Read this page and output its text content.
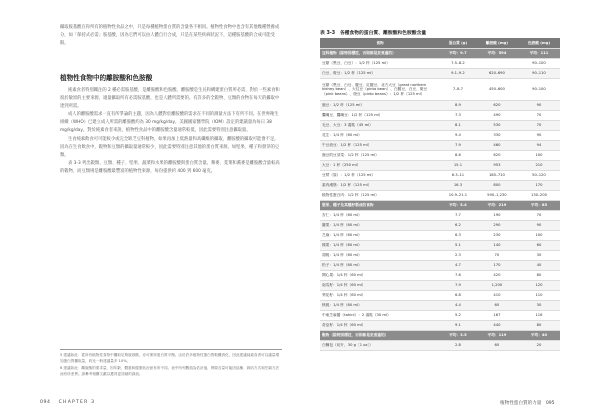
攝取胺基酸在你所有的植物性食品之中，只是每種植物蛋白質的含量各不相同。植物性食物中也含有其他幾種營養成分，如「保持式必需」胺基酸，因為它們可以由人體自行合成，只是在某些疾病狀況下，這種胺基酸的合成可能受限。
植物性食物中的離胺酸和色胺酸

純素食者特別關注的 2 種必需胺基酸，是離胺酸和色胺酸。離胺酸是生長和構建蛋白質所必需，對於一些素食和很於敏原的主要來源，適量攝取所有必需胺基酸，也是人體所需要的。有許多的全穀物、豆類的食物在每天的攝取中達到所需。

成人的離胺酸需求一直有所爭論的主題，因為人體對於離胺酸的需求在不同的測量方法下有所不同。在世界衛生組織（WHO）已建立成人所需的離胺酸約為 30 mg/kg/day，美國國家醫學院（IOM）設定的建議量為每日 38 mg/kg/day。對於純素食者來說，植物性食品中的離胺酸含量通常較低，因此需要特別注意攝取量。

生食純素飲食可可能較少或完全缺乏豆科植物，如果再加上低熱量和高纖維的攝取，離胺酸的攝取可能會不足。因為在生食飲食中，穀物和豆類的攝取量通常較少，因此需要特別注意其他的蛋白質來源，如堅果、種子和發芽的豆類。

表 3-3 列出穀類、豆類、種子、堅果、蔬菜和水果的離胺酸與蛋白質含量。藜麥、莧菜和蕎麥是離胺酸含量較高的穀物，而豆類則是離胺酸最豐富的植物性來源，每份提供約 400 到 600 毫克。

5 建議如此：從所有植物性食物中攝取足夠胺基酸，亦可保持蛋白質平衡。由於許多植物性蛋白質較難消化，因此建議純素食者可以適量增加蛋白質攝取量，約比一般建議量多 10%。
6 建議如此：離胺酸的需求量，因年齡、體重和健康狀況而有所不同。表中所列數值為估計值，實際含量可能因品種、栽培方式和烹調方法而有所差異。請參考相關文獻以獲得更詳細的資訊。
094 CHAPTER 3
表 3-3 各種食物的蛋白質、離胺酸和色胺酸含量
食物	蛋白質 (g)	離胺酸 (mg)	色胺酸 (mg)
豆科植物（除特別標註，否則都是烹煮過的）	平均：9.7	平均：594	平均：111
豆類（黑豆、白豆）：1/2 杯（125 ml）	7.5–8.2		90–100
白豆、斑豆：1/2 杯（125 ml）	9.1–9.2	620–690	90–110
豆類（黑豆、白豆、腰豆、紅腰豆、北方大豆（great northern kidney bean）、大紅豆（pinto bean）、白腰豆、白豆、斑豆（pink beans）、斑豆（pinto beans）：1/2 杯（125 ml）	7–8.7	450–600	90–100
豌豆：1/2 杯（125 ml）	8.9	620	90
鷹嘴豆、鷹嘴豆：1/2 杯（125 ml）	7.3	490	70
毛豆、大豆：3 湯匙（45 ml）	8.1	530	70
花生：1/4 杯（60 ml）	9.4	330	90
午豆油豆：1/2 杯（125 ml）	7.9	460	94
豌豆的豆芽菜：1/2 杯（125 ml）	8.6	620	100
大豆：1 杯（250 ml）	15.1	953	210
豆漿（原）：1/2 杯（125 ml）	6.3–11	180–710	50–120
素肉漢堡：1/2 杯（125 ml）	16.3	800	170
植物性蛋白肉：1/2 杯（125 ml）	10.9–21.1	590–1,230	130–200
堅果、種子及其種籽製成的食物	平均：5.4	平均：219	平均：85
杏仁：1/4 杯（60 ml）	7.7	190	70
腰果：1/4 杯（60 ml）	6.2	290	90
芝麻：1/4 杯（60 ml）	6.3	230	100
榛果：1/4 杯（60 ml）	5.1	140	60
胡桃：1/4 杯（60 ml）	2.3	70	30
松子：1/4 杯（60 ml）	4.7	170	40
開心果：1/4 杯（60 ml）	7.6	420	80
南瓜籽：1/4 杯（60 ml）	7.9	1,200	120
葵花籽：1/4 杯（60 ml）	6.8	410	110
核桃：1/4 杯（60 ml）	4.4	60	30
中東芝麻醬（tahini）：2 湯匙（30 ml）	5.2	167	116
奇亞籽：1/4 杯（60 ml）	9.1	440	80
穀物（除特別標註，否則都是烹煮過的）	平均：3.5	平均：119	平均：40
白麵包（切片，30 g［1 oz］）	2.8	60	20
植物性蛋白質的力量 095
